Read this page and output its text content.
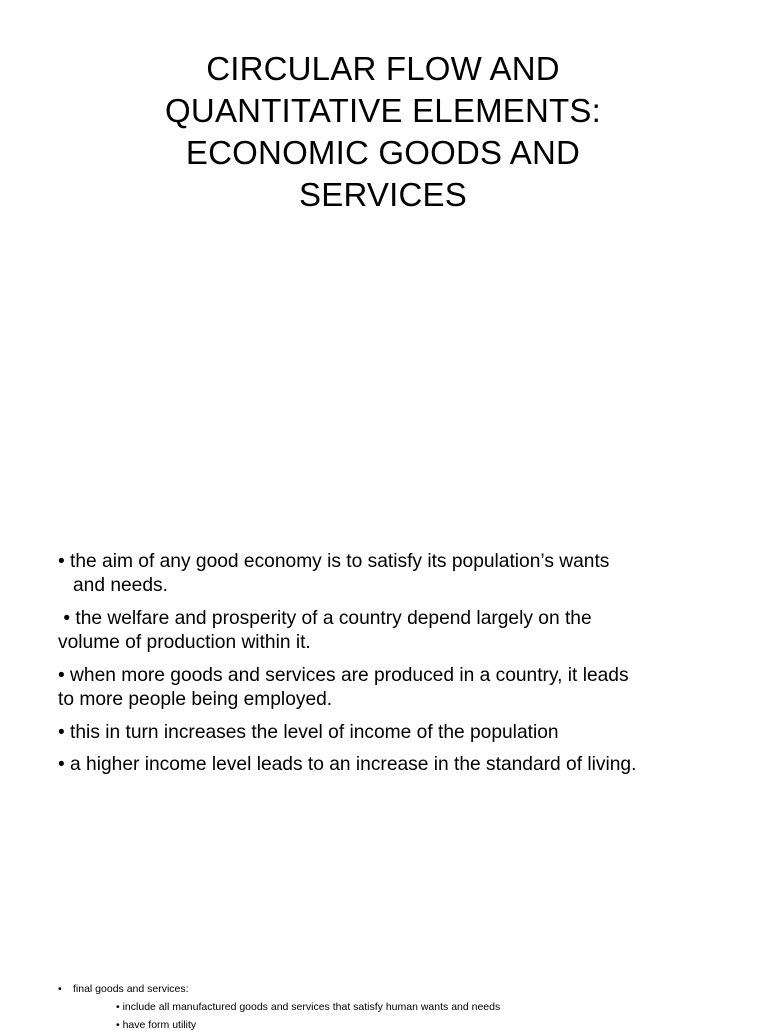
CIRCULAR FLOW AND
QUANTITATIVE ELEMENTS:
ECONOMIC GOODS AND
SERVICES

• the aim of any good economy is to satisfy its population’s wants
and needs.

• the welfare and prosperity of a country depend largely on the
volume of production within it.

• when more goods and services are produced in a country, it leads
to more people being employed.

• this in turn increases the level of income of the population

• a higher income level leads to an increase in the standard of living.

• final goods and services:
• include all manufactured goods and services that satisfy human wants and needs
• have form utility
